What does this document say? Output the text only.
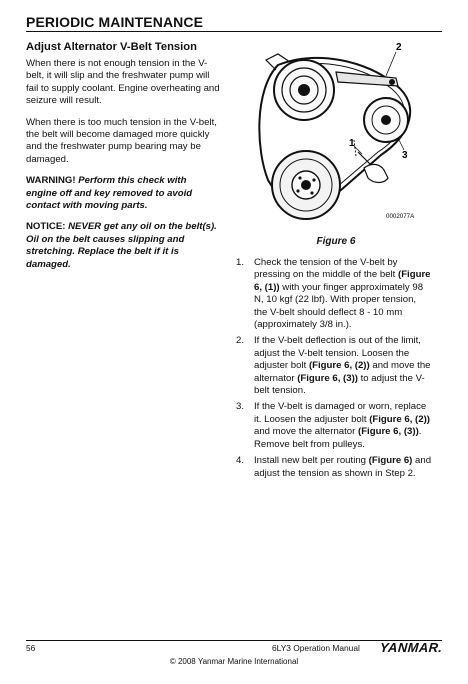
PERIODIC MAINTENANCE
Adjust Alternator V-Belt Tension

When there is not enough tension in the V-belt, it will slip and the freshwater pump will fail to supply coolant. Engine overheating and seizure will result.

When there is too much tension in the V-belt, the belt will become damaged more quickly and the freshwater pump bearing may be damaged.

WARNING! Perform this check with engine off and key removed to avoid contact with moving parts.

NOTICE: NEVER get any oil on the belt(s). Oil on the belt causes slipping and stretching. Replace the belt if it is damaged.

2
1
3
0002077A
Figure 6
1. Check the tension of the V-belt by pressing on the middle of the belt (Figure 6, (1)) with your finger approximately 98 N, 10 kgf (22 lbf). With proper tension, the V-belt should deflect 8 - 10 mm (approximately 3/8 in.).
2. If the V-belt deflection is out of the limit, adjust the V-belt tension. Loosen the adjuster bolt (Figure 6, (2)) and move the alternator (Figure 6, (3)) to adjust the V-belt tension.
3. If the V-belt is damaged or worn, replace it. Loosen the adjuster bolt (Figure 6, (2)) and move the alternator (Figure 6, (3)). Remove belt from pulleys.
4. Install new belt per routing (Figure 6) and adjust the tension as shown in Step 2.
56	6LY3 Operation Manual YANMAR.
© 2008 Yanmar Marine International
